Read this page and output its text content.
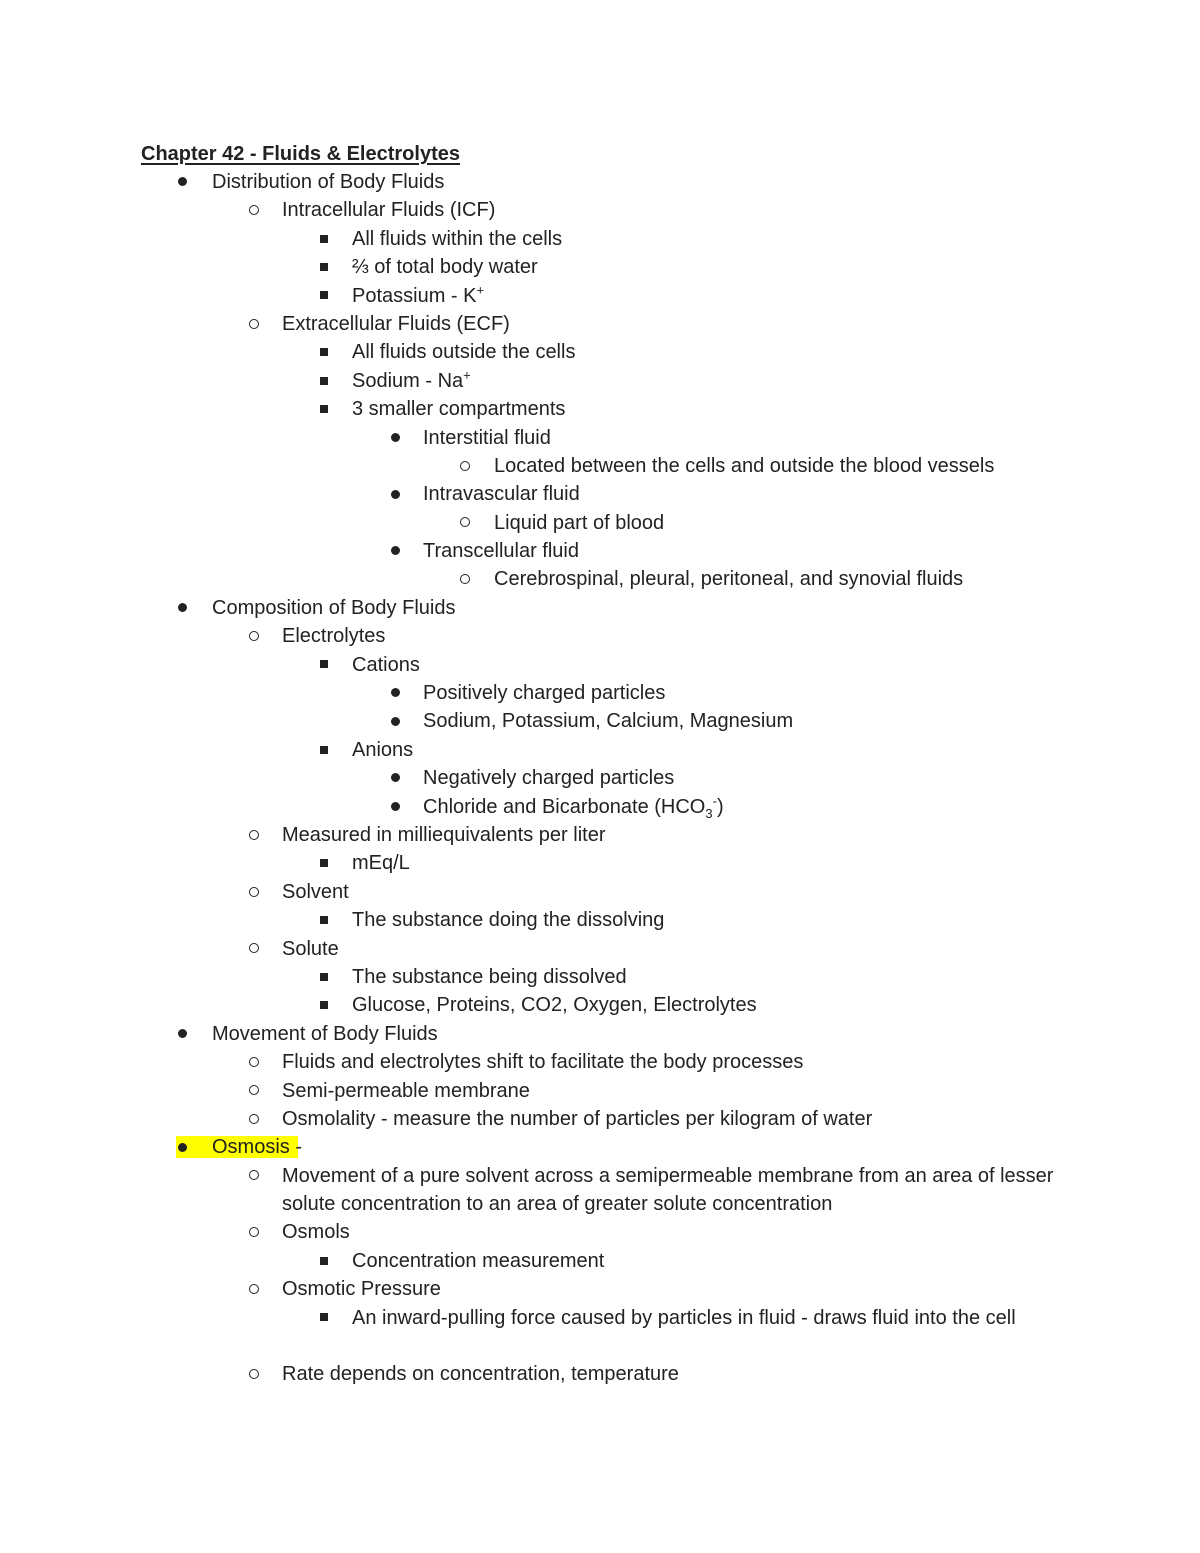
Chapter 42 - Fluids & Electrolytes
Distribution of Body Fluids
Intracellular Fluids (ICF)
All fluids within the cells
⅔ of total body water
Potassium - K+
Extracellular Fluids (ECF)
All fluids outside the cells
Sodium - Na+
3 smaller compartments
Interstitial fluid
Located between the cells and outside the blood vessels
Intravascular fluid
Liquid part of blood
Transcellular fluid
Cerebrospinal, pleural, peritoneal, and synovial fluids
Composition of Body Fluids
Electrolytes
Cations
Positively charged particles
Sodium, Potassium, Calcium, Magnesium
Anions
Negatively charged particles
Chloride and Bicarbonate $(HCO_3^-)$
Measured in milliequivalents per liter
mEq/L
Solvent
The substance doing the dissolving
Solute
The substance being dissolved
Glucose, Proteins, CO2, Oxygen, Electrolytes
Movement of Body Fluids
Fluids and electrolytes shift to facilitate the body processes
Semi-permeable membrane
Osmolality - measure the number of particles per kilogram of water
Osmosis -
Movement of a pure solvent across a semipermeable membrane from an area of lesser solute concentration to an area of greater solute concentration
Osmols
Concentration measurement
Osmotic Pressure
An inward-pulling force caused by particles in fluid - draws fluid into the cell
Rate depends on concentration, temperature
